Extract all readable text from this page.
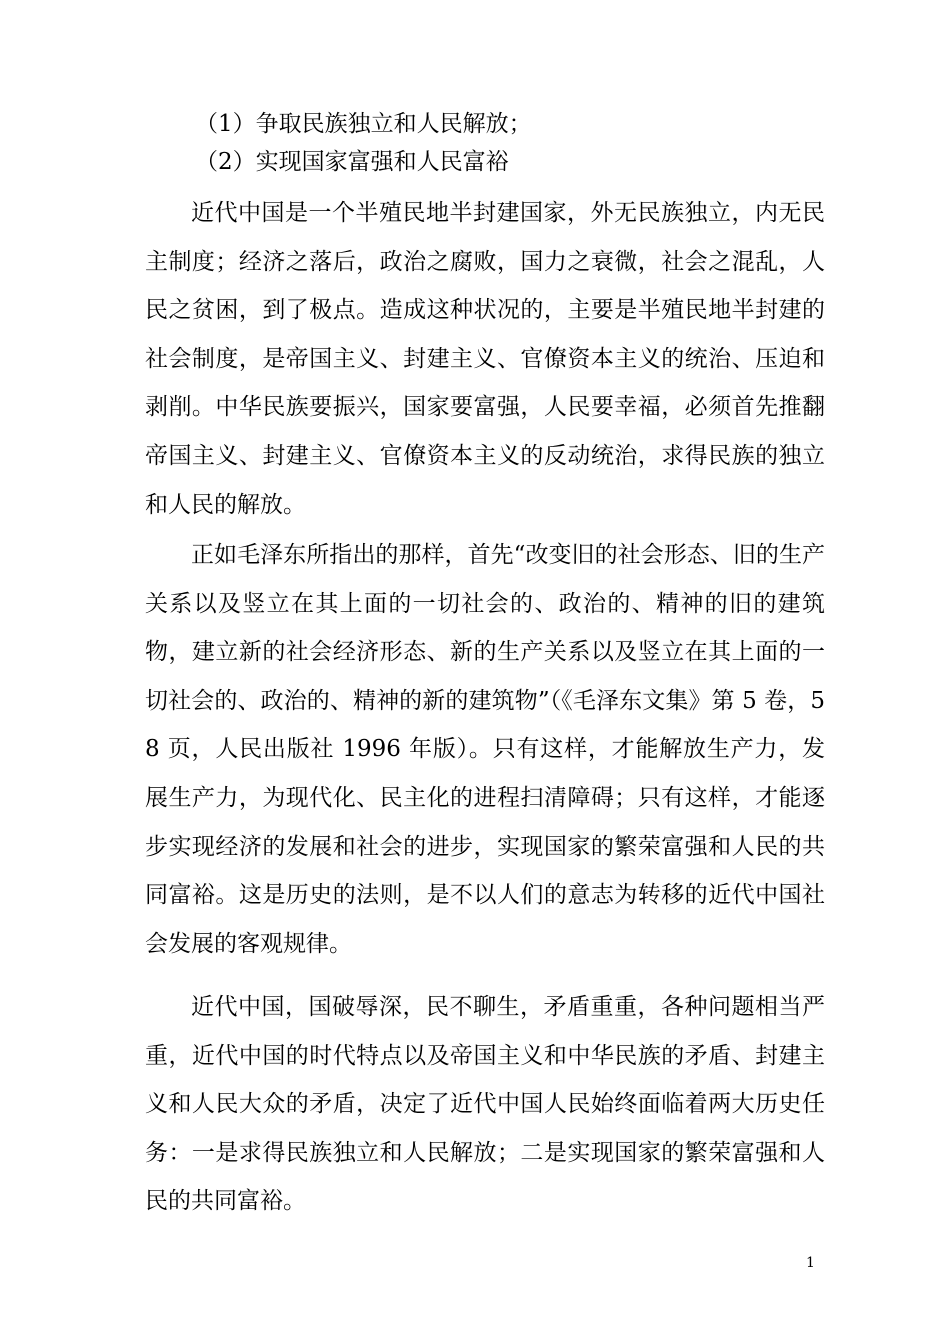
（1）争取民族独立和人民解放；
（2）实现国家富强和人民富裕

近代中国是一个半殖民地半封建国家，外无民族独立，内无民主制度；经济之落后，政治之腐败，国力之衰微，社会之混乱，人民之贫困，到了极点。造成这种状况的，主要是半殖民地半封建的社会制度，是帝国主义、封建主义、官僚资本主义的统治、压迫和剥削。中华民族要振兴，国家要富强，人民要幸福，必须首先推翻帝国主义、封建主义、官僚资本主义的反动统治，求得民族的独立和人民的解放。

正如毛泽东所指出的那样，首先“改变旧的社会形态、旧的生产关系以及竖立在其上面的一切社会的、政治的、精神的旧的建筑物，建立新的社会经济形态、新的生产关系以及竖立在其上面的一切社会的、政治的、精神的新的建筑物”（《毛泽东文集》第 5 卷，58 页，人民出版社 1996 年版）。只有这样，才能解放生产力，发展生产力，为现代化、民主化的进程扫清障碍；只有这样，才能逐步实现经济的发展和社会的进步，实现国家的繁荣富强和人民的共同富裕。这是历史的法则，是不以人们的意志为转移的近代中国社会发展的客观规律。

近代中国，国破辱深，民不聊生，矛盾重重，各种问题相当严重，近代中国的时代特点以及帝国主义和中华民族的矛盾、封建主义和人民大众的矛盾，决定了近代中国人民始终面临着两大历史任务：一是求得民族独立和人民解放；二是实现国家的繁荣富强和人民的共同富裕。

1
